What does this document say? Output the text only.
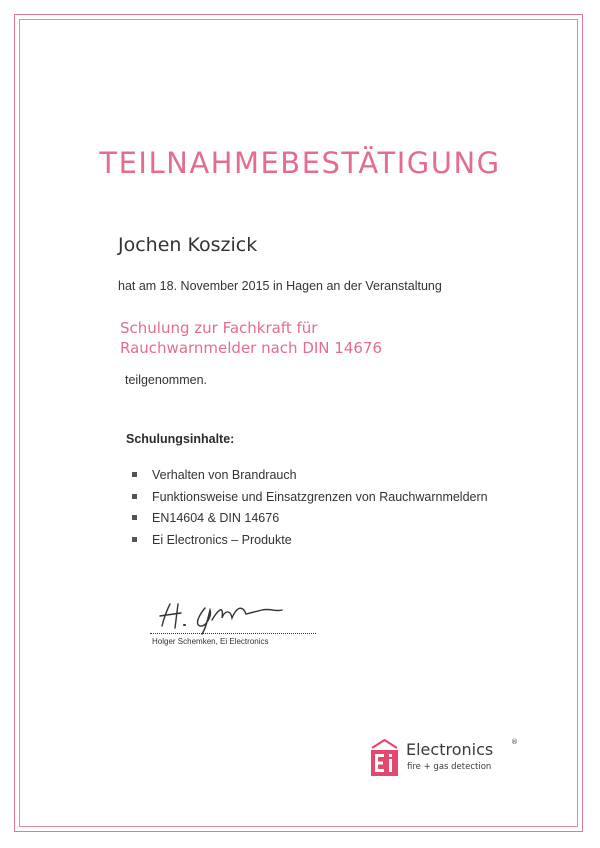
TEILNAHMEBESTÄTIGUNG
Jochen Koszick
hat am 18. November 2015 in Hagen an der Veranstaltung
Schulung zur Fachkraft für
Rauchwarnmelder nach DIN 14676
teilgenommen.
Schulungsinhalte:
Verhalten von Brandrauch
Funktionsweise und Einsatzgrenzen von Rauchwarnmeldern
EN14604 & DIN 14676
Ei Electronics – Produkte
Holger Schemken, Ei Electronics
Electronics	®
fire + gas detection
